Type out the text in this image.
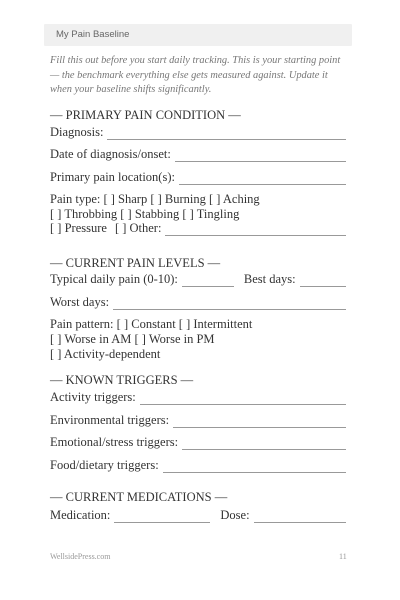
My Pain Baseline
Fill this out before you start daily tracking. This is your starting point — the benchmark everything else gets measured against. Update it when your baseline shifts significantly.
— PRIMARY PAIN CONDITION —
Diagnosis:
Date of diagnosis/onset:
Primary pain location(s):
Pain type: [ ] Sharp [ ] Burning [ ] Aching
[ ] Throbbing [ ] Stabbing [ ] Tingling
[ ] Pressure [ ] Other:
— CURRENT PAIN LEVELS —
Typical daily pain (0-10):	Best days:
Worst days:
Pain pattern: [ ] Constant [ ] Intermittent
[ ] Worse in AM [ ] Worse in PM
[ ] Activity-dependent
— KNOWN TRIGGERS —
Activity triggers:
Environmental triggers:
Emotional/stress triggers:
Food/dietary triggers:
— CURRENT MEDICATIONS —
Medication:	Dose:
WellsidePress.com	11
